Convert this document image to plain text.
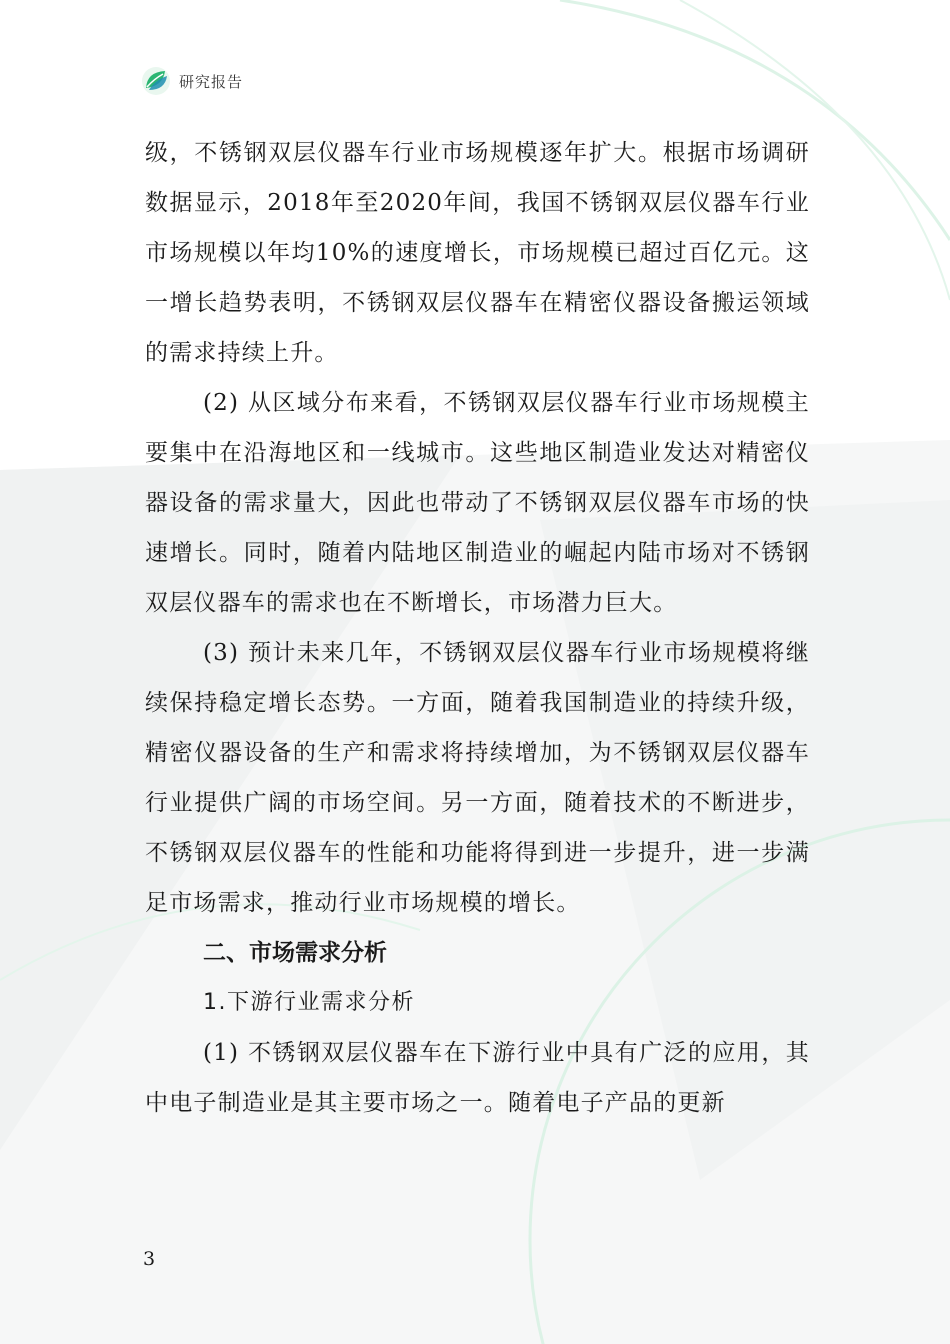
研究报告

级，不锈钢双层仪器车行业市场规模逐年扩大。根据市场调研数据显示，2018年至2020年间，我国不锈钢双层仪器车行业市场规模以年均10%的速度增长，市场规模已超过百亿元。这一增长趋势表明，不锈钢双层仪器车在精密仪器设备搬运领域的需求持续上升。

(2) 从区域分布来看，不锈钢双层仪器车行业市场规模主要集中在沿海地区和一线城市。这些地区制造业发达对精密仪器设备的需求量大，因此也带动了不锈钢双层仪器车市场的快速增长。同时，随着内陆地区制造业的崛起内陆市场对不锈钢双层仪器车的需求也在不断增长，市场潜力巨大。

(3) 预计未来几年，不锈钢双层仪器车行业市场规模将继续保持稳定增长态势。一方面，随着我国制造业的持续升级，精密仪器设备的生产和需求将持续增加，为不锈钢双层仪器车行业提供广阔的市场空间。另一方面，随着技术的不断进步，不锈钢双层仪器车的性能和功能将得到进一步提升，进一步满足市场需求，推动行业市场规模的增长。

二、市场需求分析

1.下游行业需求分析

(1) 不锈钢双层仪器车在下游行业中具有广泛的应用，其中电子制造业是其主要市场之一。随着电子产品的更新

3
